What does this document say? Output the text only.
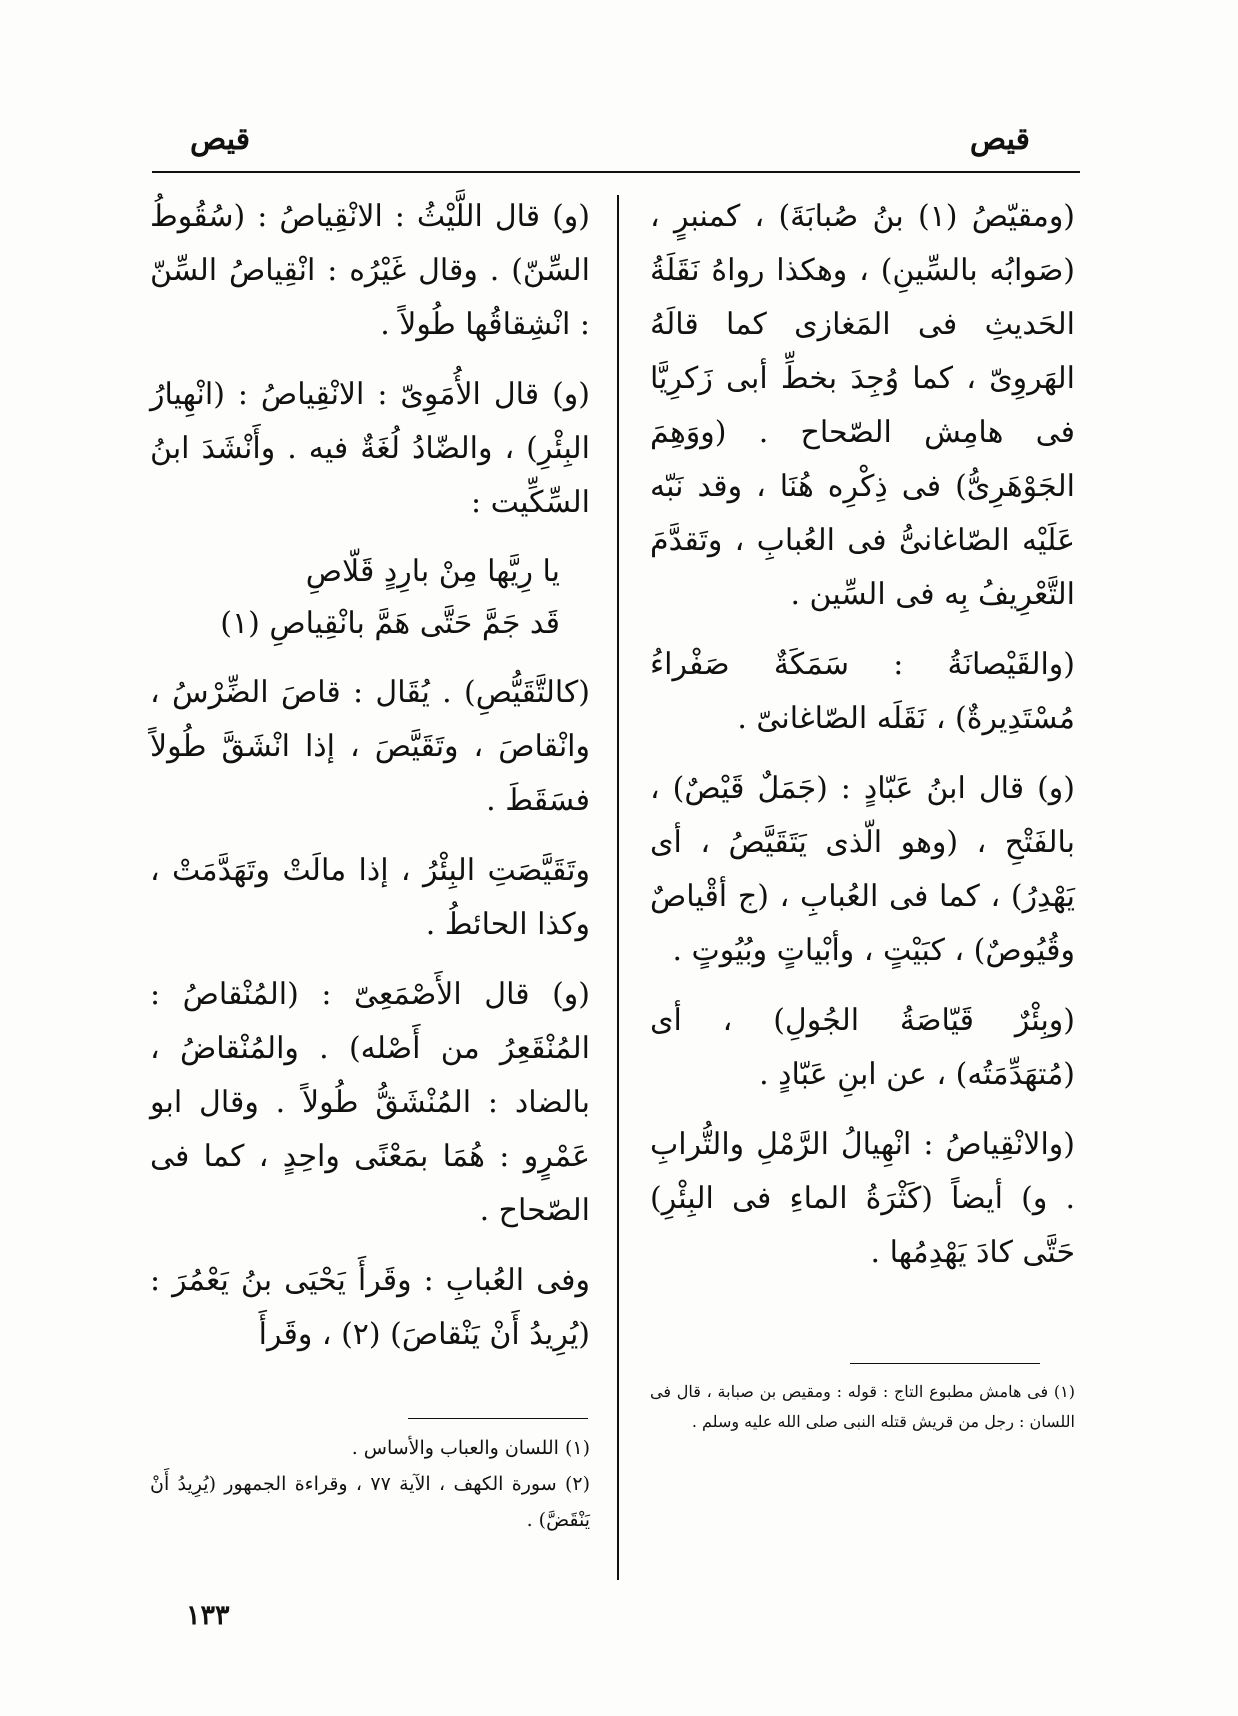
قيص
قيص

(ومقيّصُ (١) بنُ صُبابَةَ) ، كمنبرٍ ، (صَوابُه بالسِّينِ) ، وهكذا رواهُ نَقَلَةُ الحَديثِ فى المَغازى كما قالَهُ الهَروِىّ ، كما وُجِدَ بخطِّ أبى زَكرِيَّا فى هامِش الصّحاح . (ووَهِمَ الجَوْهَرِىُّ) فى ذِكْرِه هُنَا ، وقد نَبّه عَلَيْه الصّاغانىُّ فى العُبابِ ، وتَقدَّمَ التَّعْرِيفُ بِه فى السِّين .

(والقَيْصانَةُ : سَمَكَةٌ صَفْراءُ مُسْتَدِيرةٌ) ، نَقَلَه الصّاغانىّ .

(و) قال ابنُ عَبّادٍ : (جَمَلٌ قَيْصٌ) ، بالفَتْحِ ، (وهو الّذى يَتَقَيَّصُ ، أى يَهْدِرُ) ، كما فى العُبابِ ، (ج أقْياصٌ وقُيُوصٌ) ، كبَيْتٍ ، وأبْياتٍ وبُيُوتٍ .

(وبِئْرٌ قَيّاصَةُ الجُولِ) ، أى (مُتهَدِّمَتُه) ، عن ابنِ عَبّادٍ .

(والانْقِياصُ : انْهِيالُ الرَّمْلِ والتُّرابِ . و) أيضاً (كَثْرَةُ الماءِ فى البِئْرِ) حَتَّى كادَ يَهْدِمُها .

(و) قال اللَّيْثُ : الانْقِياصُ : (سُقُوطُ السِّنّ) . وقال غَيْرُه : انْقِياصُ السِّنّ : انْشِقاقُها طُولاً .

(و) قال الأُمَوِىّ : الانْقِياصُ : (انْهِيارُ البِئْرِ) ، والضّادُ لُغَةٌ فيه . وأَنْشَدَ ابنُ السِّكِّيت :

يا رِيَّها مِنْ بارِدٍ قَلّاصِ
قَد جَمَّ حَتَّى هَمَّ بانْقِياصِ (١)

(كالتَّقَيُّصِ) . يُقَال : قاصَ الضِّرْسُ ، وانْقاصَ ، وتَقَيَّصَ ، إذا انْشَقَّ طُولاً فسَقَطَ .

وتَقَيَّصَتِ البِئْرُ ، إذا مالَتْ وتَهَدَّمَتْ ، وكذا الحائطُ .

(و) قال الأَصْمَعِىّ : (المُنْقاصُ : المُنْقَعِرُ من أَصْله) . والمُنْقاضُ ، بالضاد : المُنْشَقُّ طُولاً . وقال ابو عَمْرٍو : هُمَا بمَعْنًى واحِدٍ ، كما فى الصّحاح .

وفى العُبابِ : وقَرأَ يَحْيَى بنُ يَعْمُرَ : (يُرِيدُ أَنْ يَنْقاصَ) (٢) ، وقَرأَ

(١) فى هامش مطبوع التاج : قوله : ومقيص بن صبابة ، قال فى اللسان : رجل من قريش قتله النبى صلى الله عليه وسلم .
(١) اللسان والعباب والأساس .
(٢) سورة الكهف ، الآية ٧٧ ، وقراءة الجمهور (يُرِيدُ أَنْ يَنْقَضَّ) .
١٣٣
